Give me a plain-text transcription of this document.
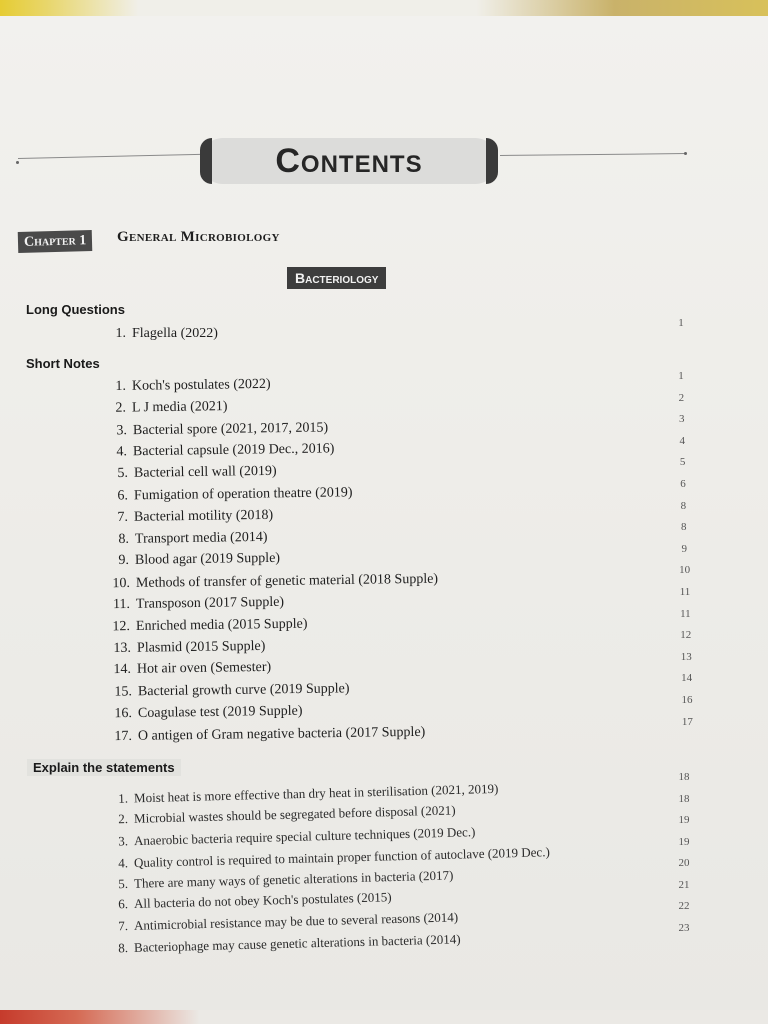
Contents
Chapter 1	General Microbiology
Bacteriology
Long Questions
1. Flagella (2022)
1
Short Notes
1. Koch's postulates (2022)
1
2. L J media (2021)
2
3. Bacterial spore (2021, 2017, 2015)
3
4. Bacterial capsule (2019 Dec., 2016)
4
5. Bacterial cell wall (2019)
5
6. Fumigation of operation theatre (2019)
6
7. Bacterial motility (2018)
8
8. Transport media (2014)
8
9. Blood agar (2019 Supple)
9
10. Methods of transfer of genetic material (2018 Supple)
10
11. Transposon (2017 Supple)
11
12. Enriched media (2015 Supple)
11
13. Plasmid (2015 Supple)
12
14. Hot air oven (Semester)
13
15. Bacterial growth curve (2019 Supple)
14
16. Coagulase test (2019 Supple)
16
17. O antigen of Gram negative bacteria (2017 Supple)
17
Explain the statements
1. Moist heat is more effective than dry heat in sterilisation (2021, 2019)
18
2. Microbial wastes should be segregated before disposal (2021)
18
3. Anaerobic bacteria require special culture techniques (2019 Dec.)
19
4. Quality control is required to maintain proper function of autoclave (2019 Dec.)
19
5. There are many ways of genetic alterations in bacteria (2017)
20
6. All bacteria do not obey Koch's postulates (2015)
21
7. Antimicrobial resistance may be due to several reasons (2014)
22
8. Bacteriophage may cause genetic alterations in bacteria (2014)
23
